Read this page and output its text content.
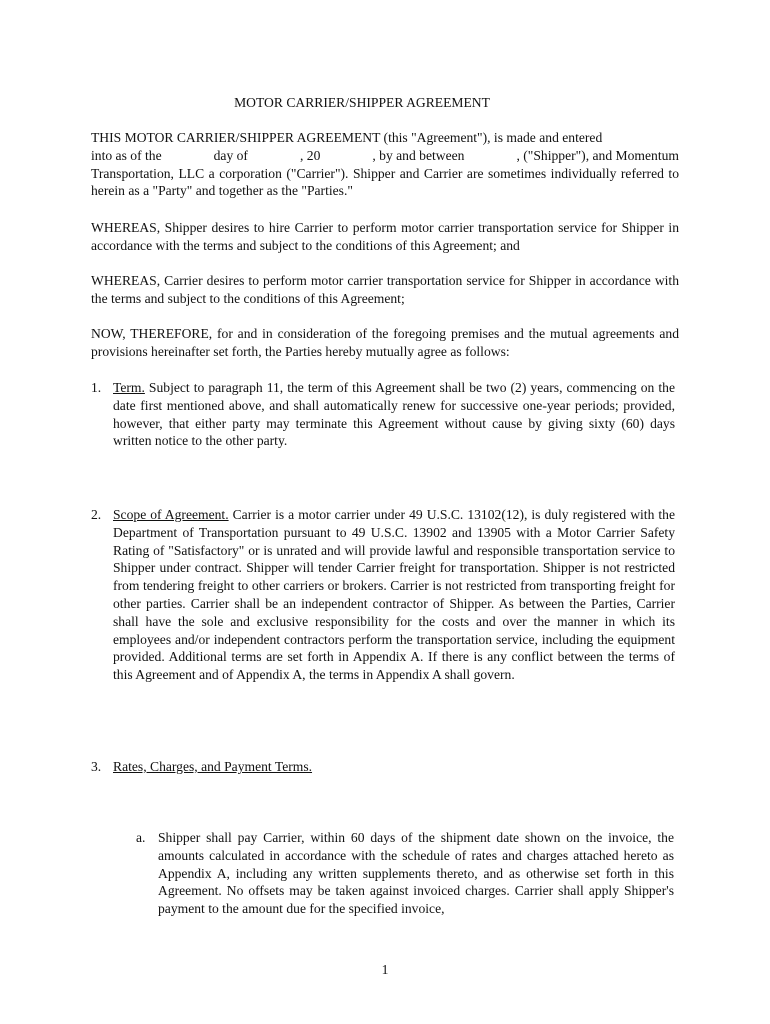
MOTOR CARRIER/SHIPPER AGREEMENT
THIS MOTOR CARRIER/SHIPPER AGREEMENT (this "Agreement"), is made and entered
into as of the	day of	, 20	, by and between	, ("Shipper"), and Momentum
Transportation, LLC a corporation ("Carrier"). Shipper and Carrier are sometimes individually referred to herein as a "Party" and together as the "Parties."

WHEREAS, Shipper desires to hire Carrier to perform motor carrier transportation service for Shipper in accordance with the terms and subject to the conditions of this Agreement; and

WHEREAS, Carrier desires to perform motor carrier transportation service for Shipper in accordance with the terms and subject to the conditions of this Agreement;

NOW, THEREFORE, for and in consideration of the foregoing premises and the mutual agreements and provisions hereinafter set forth, the Parties hereby mutually agree as follows:

1. Term. Subject to paragraph 11, the term of this Agreement shall be two (2) years, commencing on the date first mentioned above, and shall automatically renew for successive one-year periods; provided, however, that either party may terminate this Agreement without cause by giving sixty (60) days written notice to the other party.

2. Scope of Agreement. Carrier is a motor carrier under 49 U.S.C. 13102(12), is duly registered with the Department of Transportation pursuant to 49 U.S.C. 13902 and 13905 with a Motor Carrier Safety Rating of "Satisfactory" or is unrated and will provide lawful and responsible transportation service to Shipper under contract. Shipper will tender Carrier freight for transportation. Shipper is not restricted from tendering freight to other carriers or brokers. Carrier is not restricted from transporting freight for other parties. Carrier shall be an independent contractor of Shipper. As between the Parties, Carrier shall have the sole and exclusive responsibility for the costs and over the manner in which its employees and/or independent contractors perform the transportation service, including the equipment provided. Additional terms are set forth in Appendix A. If there is any conflict between the terms of this Agreement and of Appendix A, the terms in Appendix A shall govern.

3. Rates, Charges, and Payment Terms.

a. Shipper shall pay Carrier, within 60 days of the shipment date shown on the invoice, the amounts calculated in accordance with the schedule of rates and charges attached hereto as Appendix A, including any written supplements thereto, and as otherwise set forth in this Agreement. No offsets may be taken against invoiced charges. Carrier shall apply Shipper's payment to the amount due for the specified invoice,

1
